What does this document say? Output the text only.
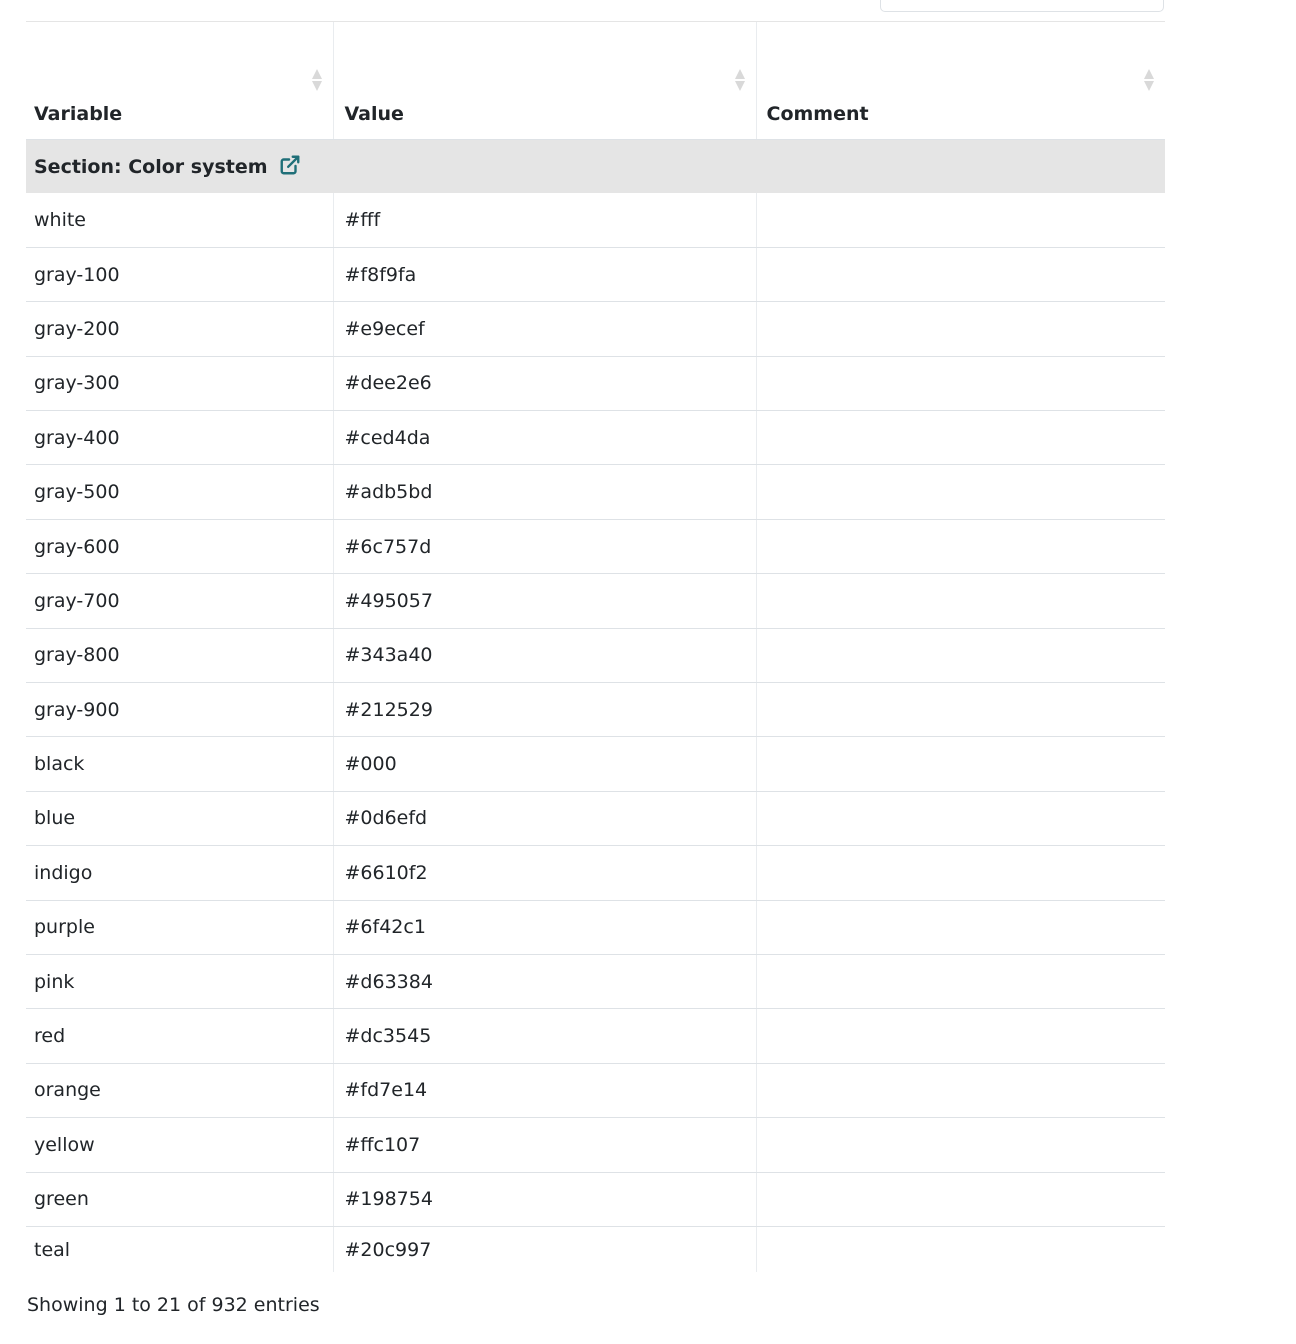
Variable	Value	Comment

Section: Color system		
white	#fff	
gray-100	#f8f9fa	
gray-200	#e9ecef	
gray-300	#dee2e6	
gray-400	#ced4da	
gray-500	#adb5bd	
gray-600	#6c757d	
gray-700	#495057	
gray-800	#343a40	
gray-900	#212529	
black	#000	
blue	#0d6efd	
indigo	#6610f2	
purple	#6f42c1	
pink	#d63384	
red	#dc3545	
orange	#fd7e14	
yellow	#ffc107	
green	#198754	
teal	#20c997	
Showing 1 to 21 of 932 entries
